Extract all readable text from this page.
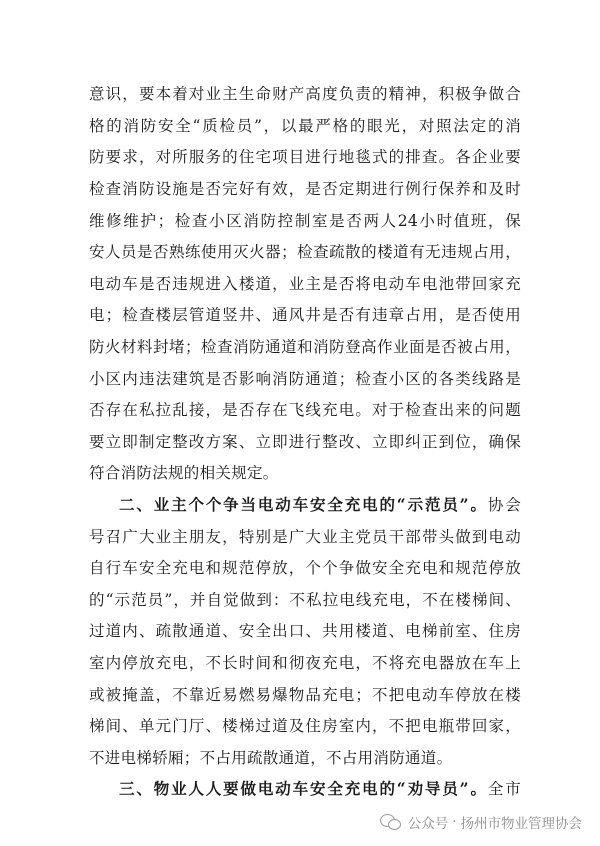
意识，要本着对业主生命财产高度负责的精神，积极争做合
格的消防安全“质检员”，以最严格的眼光，对照法定的消
防要求，对所服务的住宅项目进行地毯式的排查。各企业要
检查消防设施是否完好有效，是否定期进行例行保养和及时
维修维护；检查小区消防控制室是否两人24小时值班，保
安人员是否熟练使用灭火器；检查疏散的楼道有无违规占用，
电动车是否违规进入楼道，业主是否将电动车电池带回家充
电；检查楼层管道竖井、通风井是否有违章占用，是否使用
防火材料封堵；检查消防通道和消防登高作业面是否被占用，
小区内违法建筑是否影响消防通道；检查小区的各类线路是
否存在私拉乱接，是否存在飞线充电。对于检查出来的问题
要立即制定整改方案、立即进行整改、立即纠正到位，确保
符合消防法规的相关规定。
二、业主个个争当电动车安全充电的“示范员”。协会
号召广大业主朋友，特别是广大业主党员干部带头做到电动
自行车安全充电和规范停放，个个争做安全充电和规范停放
的“示范员”，并自觉做到：不私拉电线充电，不在楼梯间、
过道内、疏散通道、安全出口、共用楼道、电梯前室、住房
室内停放充电，不长时间和彻夜充电，不将充电器放在车上
或被掩盖，不靠近易燃易爆物品充电；不把电动车停放在楼
梯间、单元门厅、楼梯过道及住房室内，不把电瓶带回家，
不进电梯轿厢；不占用疏散通道，不占用消防通道。
三、物业人人要做电动车安全充电的“劝导员”。全市
公众号 · 扬州市物业管理协会
